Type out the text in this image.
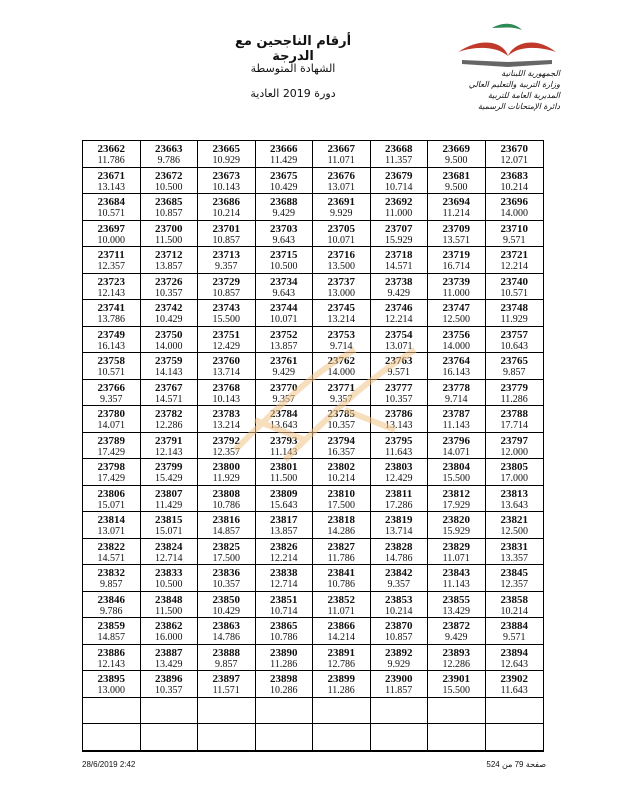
أرقام الناجحين مع الدرجة
الشهادة المتوسطة
دورة 2019 العادية
الجمهورية اللبنانية
وزارة التربية والتعليم العالي
المديرية العامة للتربية
دائرة الإمتحانات الرسمية
23662
11.786
23663
9.786
23665
10.929
23666
11.429
23667
11.071
23668
11.357
23669
9.500
23670
12.071
23671
13.143
23672
10.500
23673
10.143
23675
10.429
23676
13.071
23679
10.714
23681
9.500
23683
10.214
23684
10.571
23685
10.857
23686
10.214
23688
9.429
23691
9.929
23692
11.000
23694
11.214
23696
14.000
23697
10.000
23700
11.500
23701
10.857
23703
9.643
23705
10.071
23707
15.929
23709
13.571
23710
9.571
23711
12.357
23712
13.857
23713
9.357
23715
10.500
23716
13.500
23718
14.571
23719
16.714
23721
12.214
23723
12.143
23726
10.357
23729
10.857
23734
9.643
23737
13.000
23738
9.429
23739
11.000
23740
10.571
23741
13.786
23742
10.429
23743
15.500
23744
10.071
23745
13.214
23746
12.214
23747
12.500
23748
11.929
23749
16.143
23750
14.000
23751
12.429
23752
13.857
23753
9.714
23754
13.071
23756
14.000
23757
10.643
23758
10.571
23759
14.143
23760
13.714
23761
9.429
23762
14.000
23763
9.571
23764
16.143
23765
9.857
23766
9.357
23767
14.571
23768
10.143
23770
9.357
23771
9.357
23777
10.357
23778
9.714
23779
11.286
23780
14.071
23782
12.286
23783
13.214
23784
13.643
23785
10.357
23786
13.143
23787
11.143
23788
17.714
23789
17.429
23791
12.143
23792
12.357
23793
11.143
23794
16.357
23795
11.643
23796
14.071
23797
12.000
23798
17.429
23799
15.429
23800
11.929
23801
11.500
23802
10.214
23803
12.429
23804
15.500
23805
17.000
23806
15.071
23807
11.429
23808
10.786
23809
15.643
23810
17.500
23811
17.286
23812
17.929
23813
13.643
23814
13.071
23815
15.071
23816
14.857
23817
13.857
23818
14.286
23819
13.714
23820
15.929
23821
12.500
23822
14.571
23824
12.714
23825
17.500
23826
12.214
23827
11.786
23828
14.786
23829
11.071
23831
13.357
23832
9.857
23833
10.500
23836
10.357
23838
12.714
23841
10.786
23842
9.357
23843
11.143
23845
12.357
23846
9.786
23848
11.500
23850
10.429
23851
10.714
23852
11.071
23853
10.214
23855
13.429
23858
10.214
23859
14.857
23862
16.000
23863
14.786
23865
10.786
23866
14.214
23870
10.857
23872
9.429
23884
9.571
23886
12.143
23887
13.429
23888
9.857
23890
11.286
23891
12.786
23892
9.929
23893
12.286
23894
12.643
23895
13.000
23896
10.357
23897
11.571
23898
10.286
23899
11.286
23900
11.857
23901
15.500
23902
11.643
28/6/2019 2:42	صفحة 79 من 524
